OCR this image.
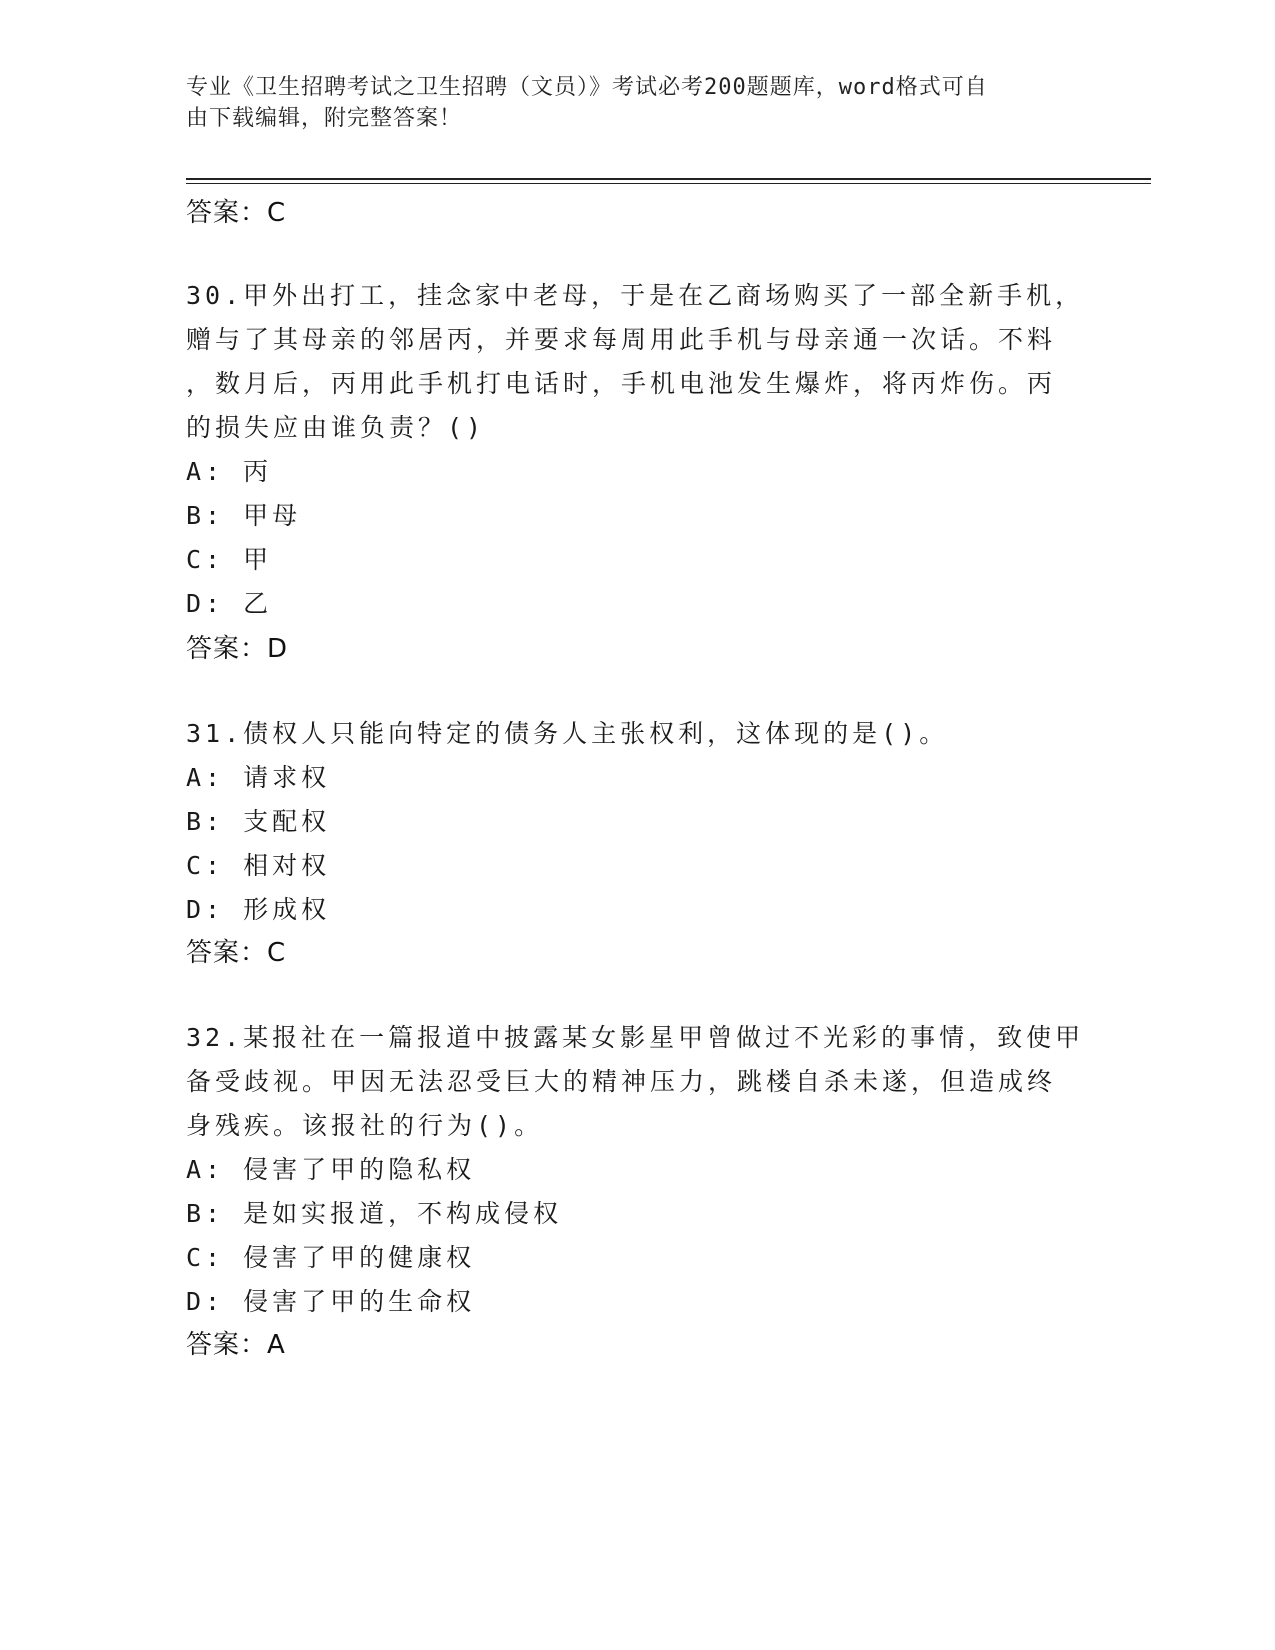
专业《卫生招聘考试之卫生招聘（文员）》考试必考200题题库，word格式可自
由下载编辑，附完整答案！
答案：C
30.甲外出打工，挂念家中老母，于是在乙商场购买了一部全新手机，
赠与了其母亲的邻居丙，并要求每周用此手机与母亲通一次话。不料
，数月后，丙用此手机打电话时，手机电池发生爆炸，将丙炸伤。丙
的损失应由谁负责？()
A: 丙
B: 甲母
C: 甲
D: 乙
答案：D
31.债权人只能向特定的债务人主张权利，这体现的是()。
A: 请求权
B: 支配权
C: 相对权
D: 形成权
答案：C
32.某报社在一篇报道中披露某女影星甲曾做过不光彩的事情，致使甲
备受歧视。甲因无法忍受巨大的精神压力，跳楼自杀未遂，但造成终
身残疾。该报社的行为()。
A: 侵害了甲的隐私权
B: 是如实报道，不构成侵权
C: 侵害了甲的健康权
D: 侵害了甲的生命权
答案：A
